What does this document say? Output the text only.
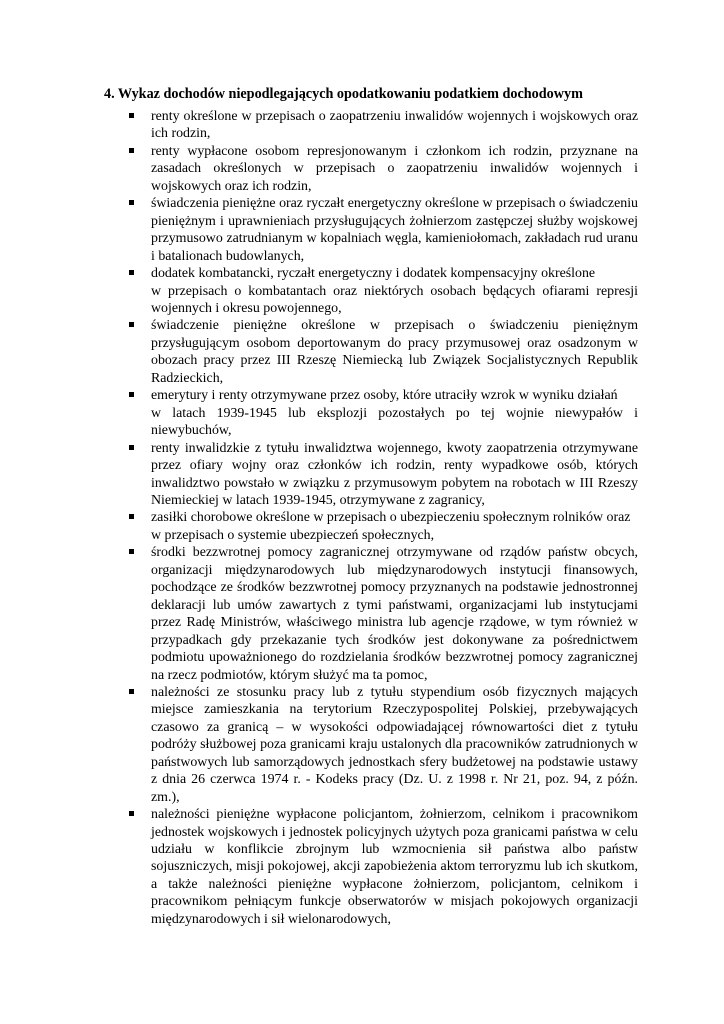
4. Wykaz dochodów niepodlegających opodatkowaniu podatkiem dochodowym

renty określone w przepisach o zaopatrzeniu inwalidów wojennych i wojskowych oraz ich rodzin,

renty wypłacone osobom represjonowanym i członkom ich rodzin, przyznane na zasadach określonych w przepisach o zaopatrzeniu inwalidów wojennych i wojskowych oraz ich rodzin,

świadczenia pieniężne oraz ryczałt energetyczny określone w przepisach o świadczeniu pieniężnym i uprawnieniach przysługujących żołnierzom zastępczej służby wojskowej przymusowo zatrudnianym w kopalniach węgla, kamieniołomach, zakładach rud uranu i batalionach budowlanych,

dodatek kombatancki, ryczałt energetyczny i dodatek kompensacyjny określone

w przepisach o kombatantach oraz niektórych osobach będących ofiarami represji wojennych i okresu powojennego,

świadczenie pieniężne określone w przepisach o świadczeniu pieniężnym przysługującym osobom deportowanym do pracy przymusowej oraz osadzonym w obozach pracy przez III Rzeszę Niemiecką lub Związek Socjalistycznych Republik Radzieckich,

emerytury i renty otrzymywane przez osoby, które utraciły wzrok w wyniku działań

w latach 1939-1945 lub eksplozji pozostałych po tej wojnie niewypałów i niewybuchów,

renty inwalidzkie z tytułu inwalidztwa wojennego, kwoty zaopatrzenia otrzymywane przez ofiary wojny oraz członków ich rodzin, renty wypadkowe osób, których inwalidztwo powstało w związku z przymusowym pobytem na robotach w III Rzeszy Niemieckiej w latach 1939-1945, otrzymywane z zagranicy,

zasiłki chorobowe określone w przepisach o ubezpieczeniu społecznym rolników oraz

w przepisach o systemie ubezpieczeń społecznych,

środki bezzwrotnej pomocy zagranicznej otrzymywane od rządów państw obcych, organizacji międzynarodowych lub międzynarodowych instytucji finansowych, pochodzące ze środków bezzwrotnej pomocy przyznanych na podstawie jednostronnej deklaracji lub umów zawartych z tymi państwami, organizacjami lub instytucjami przez Radę Ministrów, właściwego ministra lub agencje rządowe, w tym również w przypadkach gdy przekazanie tych środków jest dokonywane za pośrednictwem podmiotu upoważnionego do rozdzielania środków bezzwrotnej pomocy zagranicznej na rzecz podmiotów, którym służyć ma ta pomoc,

należności ze stosunku pracy lub z tytułu stypendium osób fizycznych mających miejsce zamieszkania na terytorium Rzeczypospolitej Polskiej, przebywających czasowo za granicą – w wysokości odpowiadającej równowartości diet z tytułu podróży służbowej poza granicami kraju ustalonych dla pracowników zatrudnionych w państwowych lub samorządowych jednostkach sfery budżetowej na podstawie ustawy z dnia 26 czerwca 1974 r. - Kodeks pracy (Dz. U. z 1998 r. Nr 21, poz. 94, z późn. zm.),

należności pieniężne wypłacone policjantom, żołnierzom, celnikom i pracownikom jednostek wojskowych i jednostek policyjnych użytych poza granicami państwa w celu udziału w konflikcie zbrojnym lub wzmocnienia sił państwa albo państw sojuszniczych, misji pokojowej, akcji zapobieżenia aktom terroryzmu lub ich skutkom, a także należności pieniężne wypłacone żołnierzom, policjantom, celnikom i pracownikom pełniącym funkcje obserwatorów w misjach pokojowych organizacji międzynarodowych i sił wielonarodowych,
